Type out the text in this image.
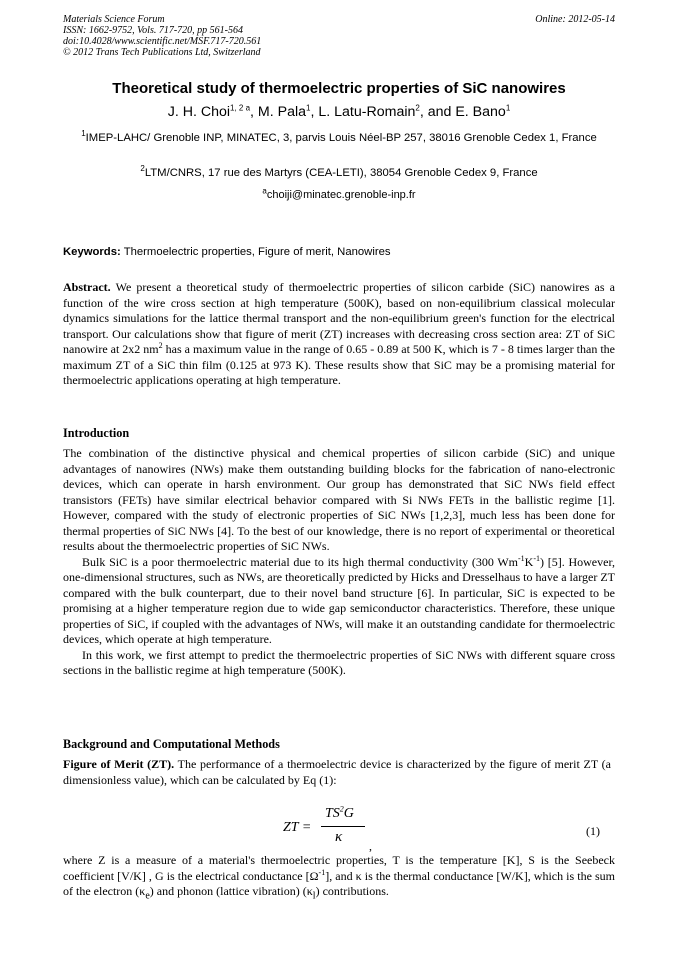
Materials Science Forum
ISSN: 1662-9752, Vols. 717-720, pp 561-564
doi:10.4028/www.scientific.net/MSF.717-720.561
© 2012 Trans Tech Publications Ltd, Switzerland
Online: 2012-05-14
Theoretical study of thermoelectric properties of SiC nanowires
J. H. Choi$^{1, 2 a}$, M. Pala$^1$, L. Latu-Romain$^2$, and E. Bano$^1$
$^1$IMEP-LAHC/ Grenoble INP, MINATEC, 3, parvis Louis Néel-BP 257, 38016 Grenoble Cedex 1, France
$^2$LTM/CNRS, 17 rue des Martyrs (CEA-LETI), 38054 Grenoble Cedex 9, France
$^a$choiji@minatec.grenoble-inp.fr
Keywords: Thermoelectric properties, Figure of merit, Nanowires

Abstract. We present a theoretical study of thermoelectric properties of silicon carbide (SiC) nanowires as a function of the wire cross section at high temperature (500K), based on non-equilibrium classical molecular dynamics simulations for the lattice thermal transport and the non-equilibrium green's function for the electrical transport. Our calculations show that figure of merit (ZT) increases with decreasing cross section area: ZT of SiC nanowire at 2x2 $nm^2$ has a maximum value in the range of 0.65 - 0.89 at 500 K, which is 7 - 8 times larger than the maximum ZT of a SiC thin film (0.125 at 973 K). These results show that SiC may be a promising material for thermoelectric applications operating at high temperature.

Introduction

The combination of the distinctive physical and chemical properties of silicon carbide (SiC) and unique advantages of nanowires (NWs) make them outstanding building blocks for the fabrication of nano-electronic devices, which can operate in harsh environment. Our group has demonstrated that SiC NWs field effect transistors (FETs) have similar electrical behavior compared with Si NWs FETs in the ballistic regime [1]. However, compared with the study of electronic properties of SiC NWs [1,2,3], much less has been done for thermal properties of SiC NWs [4]. To the best of our knowledge, there is no report of experimental or theoretical results about the thermoelectric properties of SiC NWs.

Bulk SiC is a poor thermoelectric material due to its high thermal conductivity (300 $Wm^{-1}K^{-1}$) [5]. However, one-dimensional structures, such as NWs, are theoretically predicted by Hicks and Dresselhaus to have a larger ZT compared with the bulk counterpart, due to their novel band structure [6]. In particular, SiC is expected to be promising at a higher temperature region due to wide gap semiconductor characteristics. Therefore, these unique properties of SiC, if coupled with the advantages of NWs, will make it an outstanding candidate for thermoelectric devices, which operate at high temperature.

In this work, we first attempt to predict the thermoelectric properties of SiC NWs with different square cross sections in the ballistic regime at high temperature (500K).

Background and Computational Methods

Figure of Merit (ZT). The performance of a thermoelectric device is characterized by the figure of merit ZT (a dimensionless value), which can be calculated by Eq (1):

ZT =
$TS^2G$
κ
,
(1)

where Z is a measure of a material's thermoelectric properties, T is the temperature [K], S is the Seebeck coefficient [V/K] , G is the electrical conductance $[\Omega^{-1}]$, and κ is the thermal conductance [W/K], which is the sum of the electron $(\kappa_e)$ and phonon (lattice vibration) $(\kappa_l)$ contributions.
